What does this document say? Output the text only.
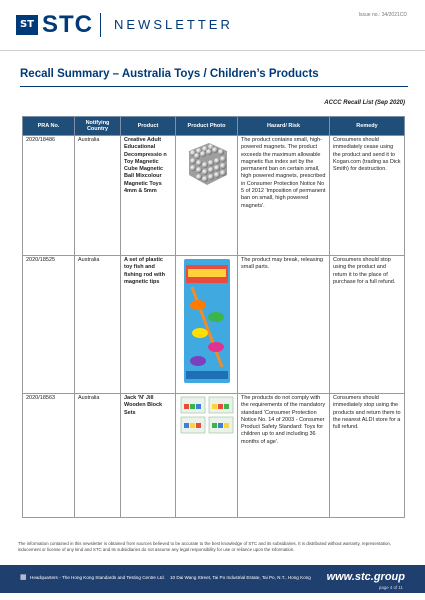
ST STC NEWSLETTER
Issue no.: 34/2021CD
Recall Summary – Australia Toys / Children’s Products
ACCC Recall List (Sep 2020)
PRA No.	Notifying Country	Product	Product Photo	Hazard/ Risk	Remedy
2020/18486	Australia	Creative Adult Educational Decompressio n Toy Magnetic Cube Magnetic Ball Mixcolour Magnetic Toys 4mm & 5mm		The product contains small, high-powered magnets. The product exceeds the maximum allowable magnetic flux index set by the permanent ban on certain small, high powered magnets, prescribed in Consumer Protection Notice No 5 of 2012 'Imposition of permanent ban on small, high powered magnets'.	Consumers should immediately cease using the product and send it to Kogan.com (trading as Dick Smith) for destruction.
2020/18525	Australia	A set of plastic toy fish and fishing rod with magnetic tips		The product may break, releasing small parts.	Consumers should stop using the product and return it to the place of purchase for a full refund.
2020/18563	Australia	Jack 'N' Jill Wooden Block Sets		The products do not comply with the requirements of the mandatory standard 'Consumer Protection Notice No. 14 of 2003 - Consumer Product Safety Standard: Toys for children up to and including 36 months of age'.	Consumers should immediately stop using the products and return them to the nearest ALDI store for a full refund.
The information contained in this newsletter is obtained from sources believed to be accurate to the best knowledge of STC and its subsidiaries. It is distributed without warranty, representation, inducement or license of any kind and STC and its subsidiaries do not assume any legal responsibility for use or reliance upon the information.
▦ Headquarters - The Hong Kong Standards and Testing Centre Ltd. 10 Dai Wang Street, Tai Po Industrial Estate, Tai Po, N.T., Hong Kong www.stc.group
page 4 of 11
